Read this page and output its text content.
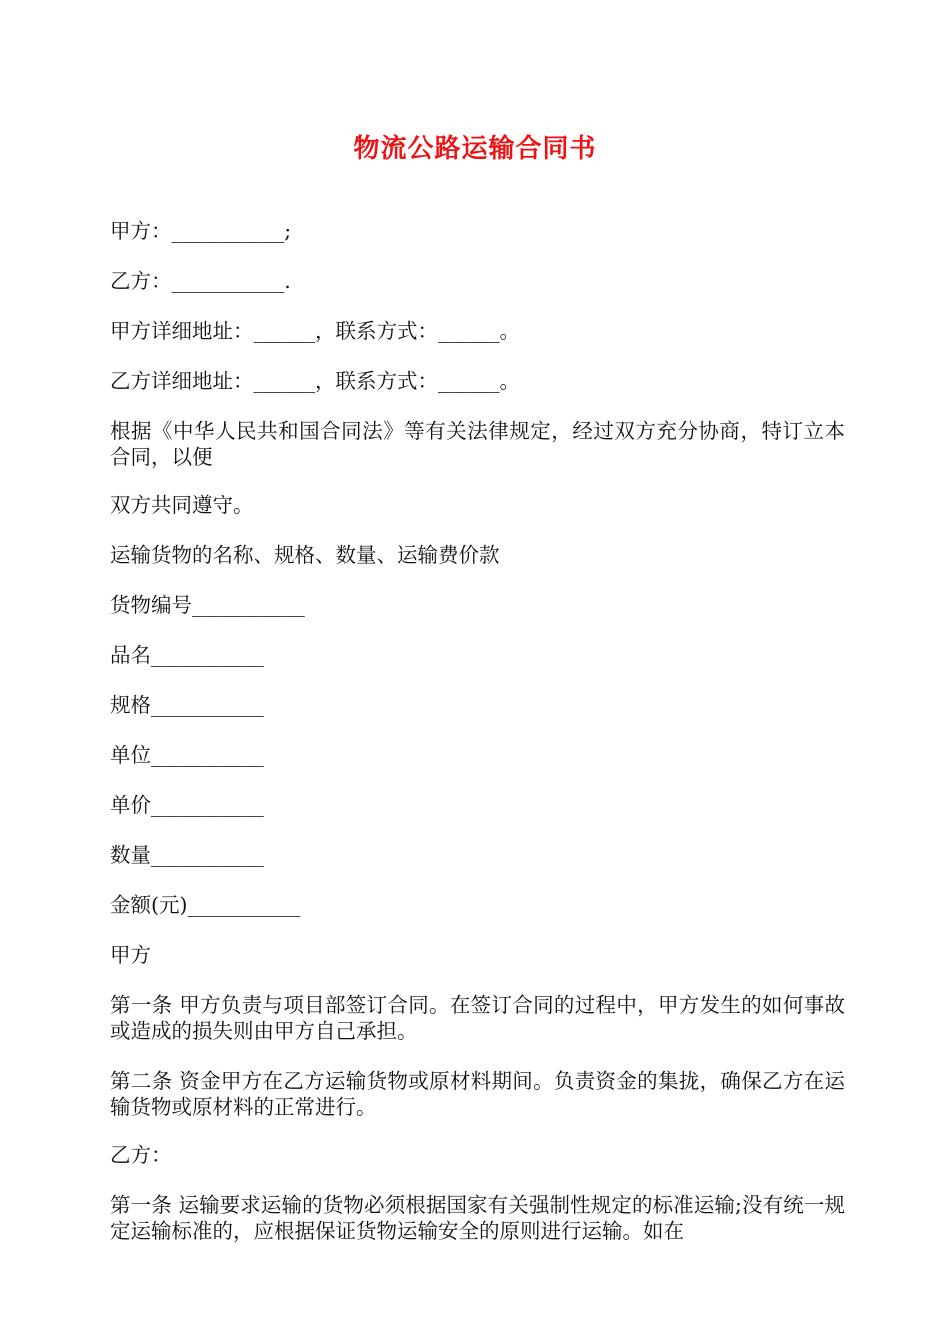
物流公路运输合同书
甲方：___________;
乙方：___________.
甲方详细地址：______，联系方式：______。
乙方详细地址：______，联系方式：______。
根据《中华人民共和国合同法》等有关法律规定，经过双方充分协商，特订立本合同，以便
双方共同遵守。
运输货物的名称、规格、数量、运输费价款
货物编号___________
品名___________
规格___________
单位___________
单价___________
数量___________
金额(元)___________
甲方
第一条 甲方负责与项目部签订合同。在签订合同的过程中，甲方发生的如何事故或造成的损失则由甲方自己承担。
第二条 资金甲方在乙方运输货物或原材料期间。负责资金的集拢，确保乙方在运输货物或原材料的正常进行。
乙方：
第一条 运输要求运输的货物必须根据国家有关强制性规定的标准运输;没有统一规定运输标准的，应根据保证货物运输安全的原则进行运输。如在
